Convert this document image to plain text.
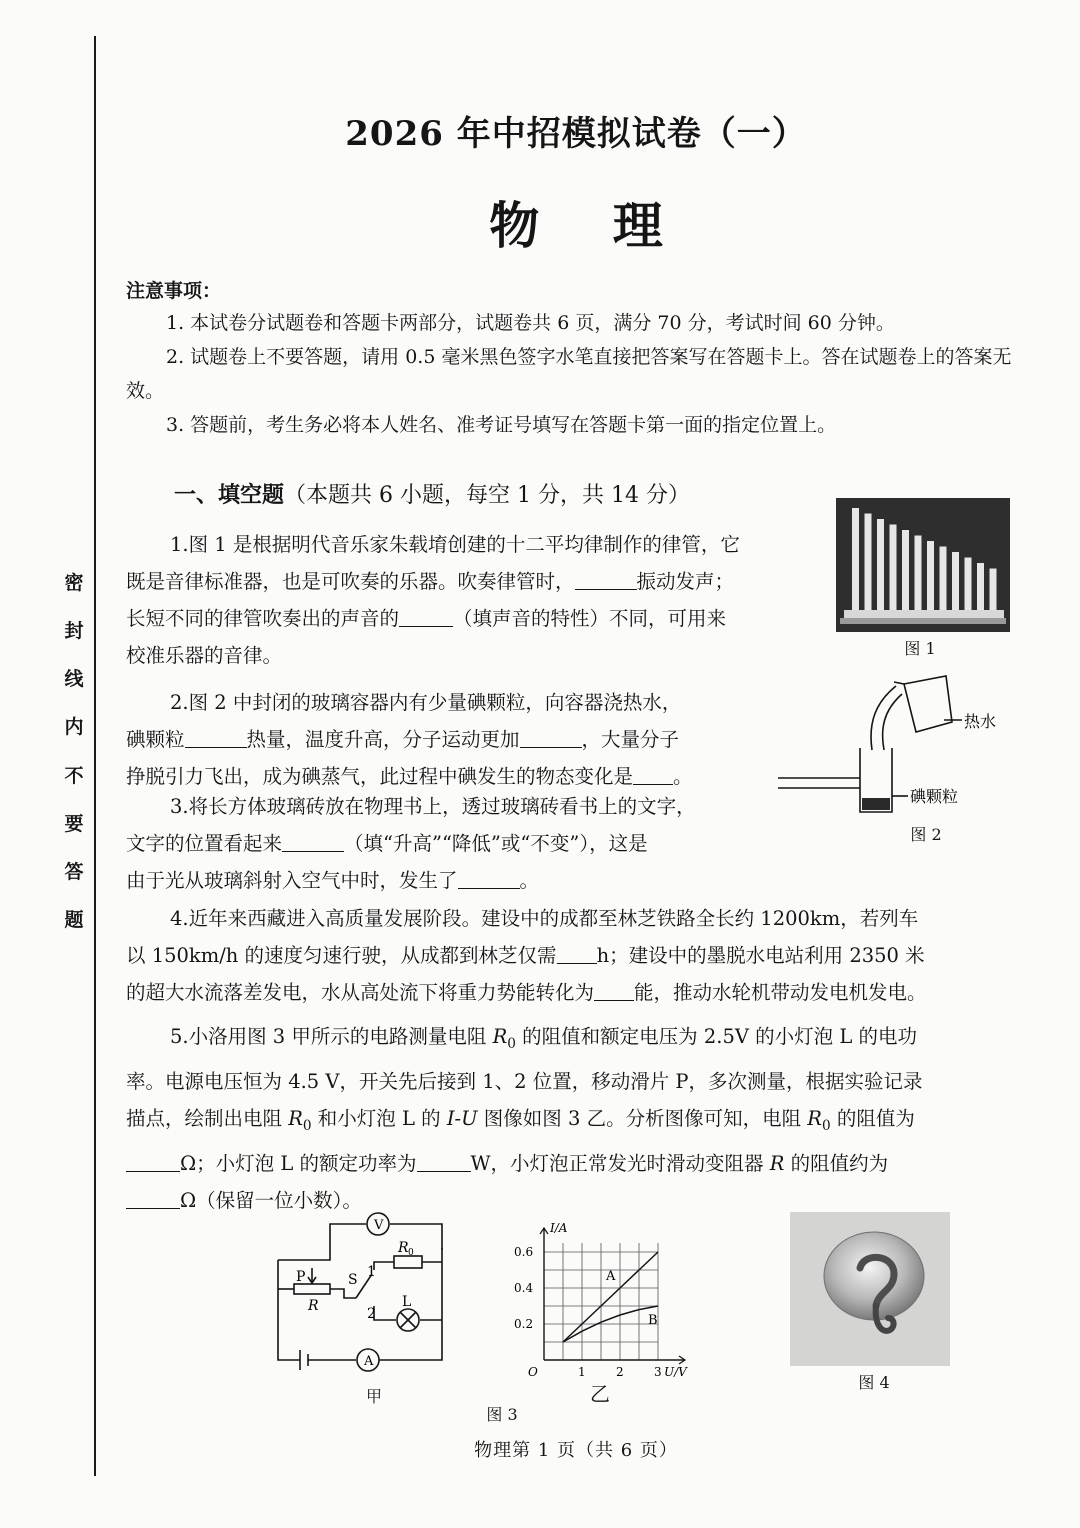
密
封
线
内
不
要
答
题
2026 年中招模拟试卷（一）
物 理
注意事项：

1. 本试卷分试题卷和答题卡两部分，试题卷共 6 页，满分 70 分，考试时间 60 分钟。

2. 试题卷上不要答题，请用 0.5 毫米黑色签字水笔直接把答案写在答题卡上。答在试题卷上的答案无效。

3. 答题前，考生务必将本人姓名、准考证号填写在答题卡第一面的指定位置上。

一、填空题（本题共 6 小题，每空 1 分，共 14 分）
1.图 1 是根据明代音乐家朱载堉创建的十二平均律制作的律管，它
既是音律标准器，也是可吹奏的乐器。吹奏律管时，	振动发声；
长短不同的律管吹奏出的声音的	（填声音的特性）不同，可用来
校准乐器的音律。
2.图 2 中封闭的玻璃容器内有少量碘颗粒，向容器浇热水，
碘颗粒	热量，温度升高，分子运动更加	，大量分子
挣脱引力飞出，成为碘蒸气，此过程中碘发生的物态变化是 。
3.将长方体玻璃砖放在物理书上，透过玻璃砖看书上的文字，
文字的位置看起来	（填“升高”“降低”或“不变”），这是
由于光从玻璃斜射入空气中时，发生了	。
4.近年来西藏进入高质量发展阶段。建设中的成都至林芝铁路全长约 1200km，若列车
以 150km/h 的速度匀速行驶，从成都到林芝仅需 h；建设中的墨脱水电站利用 2350 米
的超大水流落差发电，水从高处流下将重力势能转化为 能，推动水轮机带动发电机发电。
5.小洛用图 3 甲所示的电路测量电阻 $R_0$ 的阻值和额定电压为 2.5V 的小灯泡 L 的电功
率。电源电压恒为 4.5 V，开关先后接到 1、2 位置，移动滑片 P，多次测量，根据实验记录
描点，绘制出电阻 $R_0$ 和小灯泡 L 的 I-U 图像如图 3 乙。分析图像可知，电阻 $R_0$ 的阻值为
Ω；小灯泡 L 的额定功率为	W，小灯泡正常发光时滑动变阻器 R 的阻值约为
Ω（保留一位小数）。
物理第 1 页（共 6 页）
图 1
热水
碘颗粒
图 2
V
A
L
P
R
S
R 0
1
2
甲
A
B
1	2	3
0.2
0.4
0.6
O	U/V
I/A
乙
图 3
图 4
